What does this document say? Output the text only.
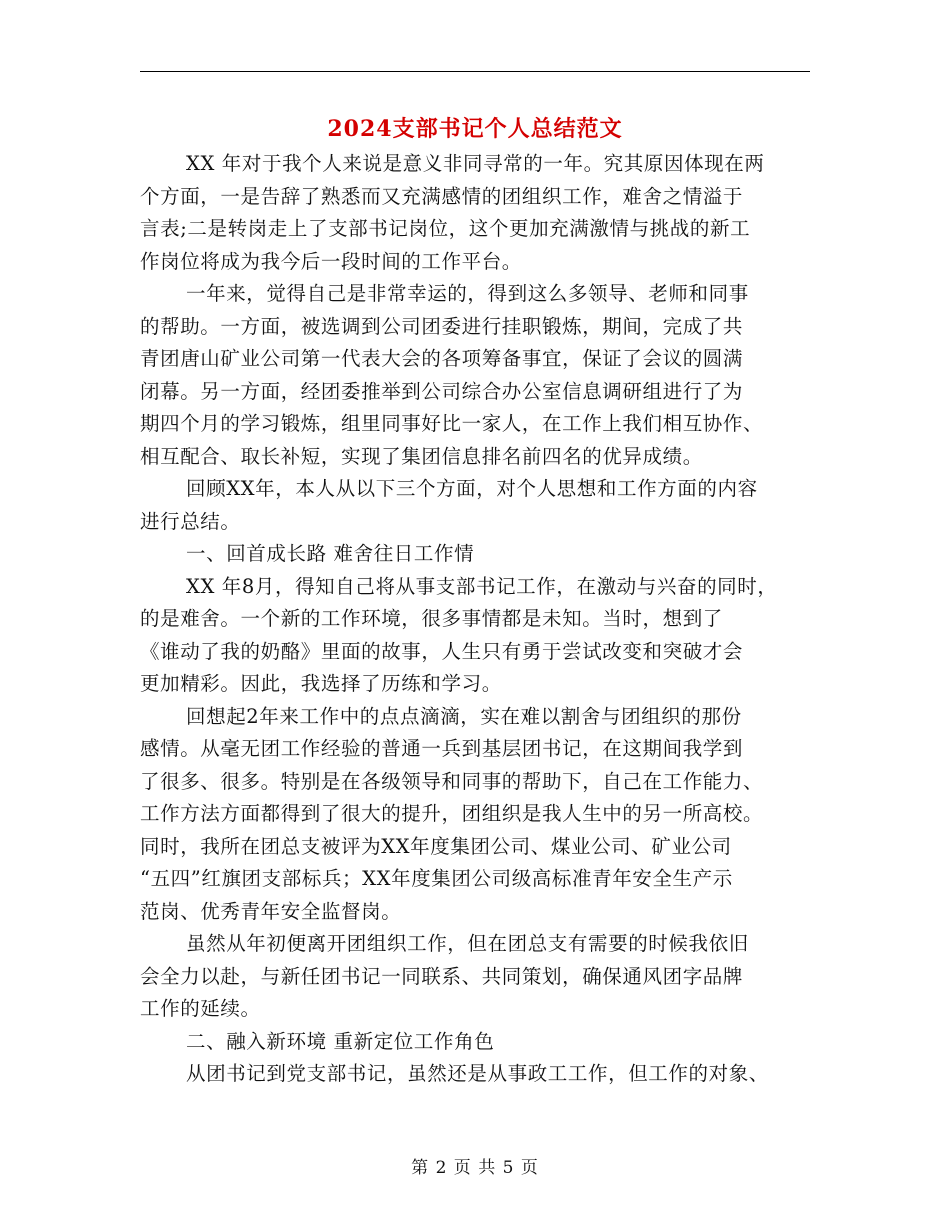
2024支部书记个人总结范文
XX 年对于我个人来说是意义非同寻常的一年。究其原因体现在两
个方面，一是告辞了熟悉而又充满感情的团组织工作，难舍之情溢于
言表;二是转岗走上了支部书记岗位，这个更加充满激情与挑战的新工
作岗位将成为我今后一段时间的工作平台。
一年来，觉得自己是非常幸运的，得到这么多领导、老师和同事
的帮助。一方面，被选调到公司团委进行挂职锻炼，期间，完成了共
青团唐山矿业公司第一代表大会的各项筹备事宜，保证了会议的圆满
闭幕。另一方面，经团委推举到公司综合办公室信息调研组进行了为
期四个月的学习锻炼，组里同事好比一家人，在工作上我们相互协作、
相互配合、取长补短，实现了集团信息排名前四名的优异成绩。
回顾XX年，本人从以下三个方面，对个人思想和工作方面的内容
进行总结。
一、回首成长路 难舍往日工作情
XX 年8月，得知自己将从事支部书记工作，在激动与兴奋的同时，
的是难舍。一个新的工作环境，很多事情都是未知。当时，想到了
《谁动了我的奶酪》里面的故事，人生只有勇于尝试改变和突破才会
更加精彩。因此，我选择了历练和学习。
回想起2年来工作中的点点滴滴，实在难以割舍与团组织的那份
感情。从毫无团工作经验的普通一兵到基层团书记，在这期间我学到
了很多、很多。特别是在各级领导和同事的帮助下，自己在工作能力、
工作方法方面都得到了很大的提升，团组织是我人生中的另一所高校。
同时，我所在团总支被评为XX年度集团公司、煤业公司、矿业公司
“五四”红旗团支部标兵；XX年度集团公司级高标准青年安全生产示
范岗、优秀青年安全监督岗。
虽然从年初便离开团组织工作，但在团总支有需要的时候我依旧
会全力以赴，与新任团书记一同联系、共同策划，确保通风团字品牌
工作的延续。
二、融入新环境 重新定位工作角色
从团书记到党支部书记，虽然还是从事政工工作，但工作的对象、
第 2 页 共 5 页
